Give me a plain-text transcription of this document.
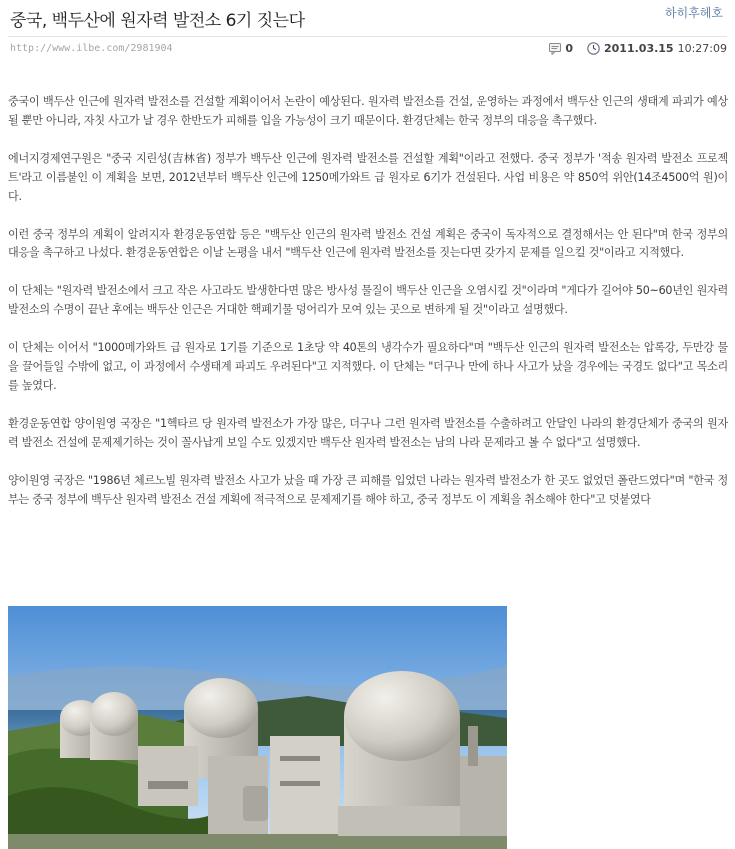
중국, 백두산에 원자력 발전소 6기 짓는다	하히후헤호
http://www.ilbe.com/2981904	0	2011.03.15 10:27:09

중국이 백두산 인근에 원자력 발전소를 건설할 계획이어서 논란이 예상된다. 원자력 발전소를 건설, 운영하는 과정에서 백두산 인근의 생태계 파괴가 예상될 뿐만 아니라, 자칫 사고가 날 경우 한반도가 피해를 입을 가능성이 크기 때문이다. 환경단체는 한국 정부의 대응을 촉구했다.

에너지경제연구원은 "중국 지린성(吉林省) 정부가 백두산 인근에 원자력 발전소를 건설할 계획"이라고 전했다. 중국 정부가 '적송 원자력 발전소 프로젝트'라고 이름붙인 이 계획을 보면, 2012년부터 백두산 인근에 1250메가와트 급 원자로 6기가 건설된다. 사업 비용은 약 850억 위안(14조4500억 원)이다.

이런 중국 정부의 계획이 알려지자 환경운동연합 등은 "백두산 인근의 원자력 발전소 건설 계획은 중국이 독자적으로 결정해서는 안 된다"며 한국 정부의 대응을 촉구하고 나섰다. 환경운동연합은 이날 논평을 내서 "백두산 인근에 원자력 발전소를 짓는다면 갖가지 문제를 일으킬 것"이라고 지적했다.

이 단체는 "원자력 발전소에서 크고 작은 사고라도 발생한다면 많은 방사성 물질이 백두산 인근을 오염시킬 것"이라며 "게다가 길어야 50~60년인 원자력 발전소의 수명이 끝난 후에는 백두산 인근은 거대한 핵폐기물 덩어리가 모여 있는 곳으로 변하게 될 것"이라고 설명했다.

이 단체는 이어서 "1000메가와트 급 원자로 1기를 기준으로 1초당 약 40톤의 냉각수가 필요하다"며 "백두산 인근의 원자력 발전소는 압록강, 두만강 물을 끌어들일 수밖에 없고, 이 과정에서 수생태계 파괴도 우려된다"고 지적했다. 이 단체는 "더구나 만에 하나 사고가 났을 경우에는 국경도 없다"고 목소리를 높였다.

환경운동연합 양이원영 국장은 "1헥타르 당 원자력 발전소가 가장 많은, 더구나 그런 원자력 발전소를 수출하려고 안달인 나라의 환경단체가 중국의 원자력 발전소 건설에 문제제기하는 것이 꼴사납게 보일 수도 있겠지만 백두산 원자력 발전소는 남의 나라 문제라고 볼 수 없다"고 설명했다.

양이원영 국장은 "1986년 체르노빌 원자력 발전소 사고가 났을 때 가장 큰 피해를 입었던 나라는 원자력 발전소가 한 곳도 없었던 폴란드였다"며 "한국 정부는 중국 정부에 백두산 원자력 발전소 건설 계획에 적극적으로 문제제기를 해야 하고, 중국 정부도 이 계획을 취소해야 한다"고 덧붙였다
